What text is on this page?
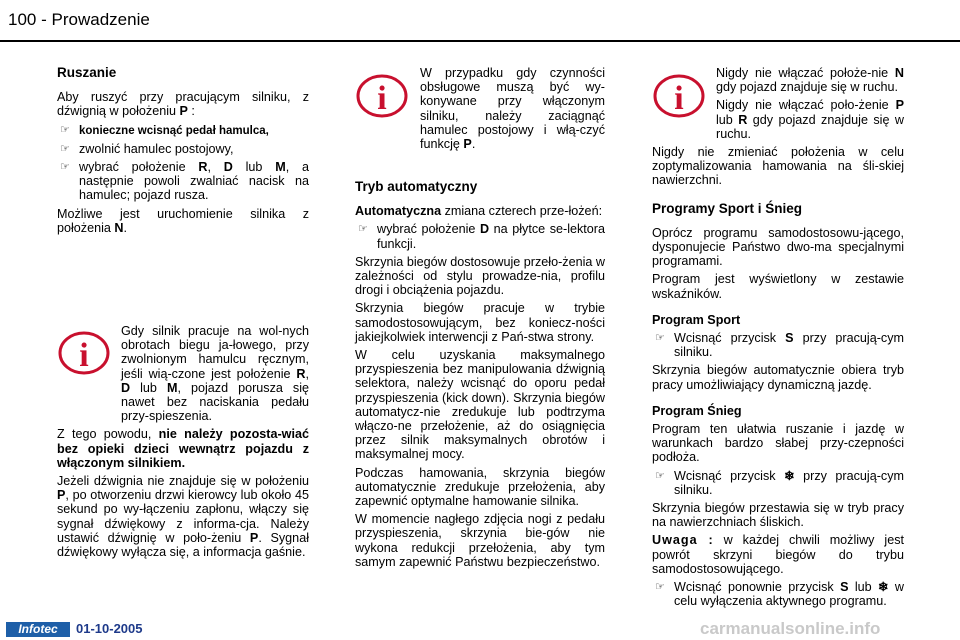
100 - Prowadzenie
Ruszanie

Aby ruszyć przy pracującym silniku, z dźwignią w położeniu P :

☞ konieczne wcisnąć pedał hamulca,
☞ zwolnić hamulec postojowy,
☞ wybrać położenie R, D lub M, a następnie powoli zwalniać nacisk na hamulec; pojazd rusza.

Możliwe jest uruchomienie silnika z położenia N.

i

Gdy silnik pracuje na wol-nych obrotach biegu ja-łowego, przy zwolnionym hamulcu ręcznym, jeśli wią-czone jest położenie R, D lub M, pojazd porusza się nawet bez naciskania pedału przy-spieszenia.

Z tego powodu, nie należy pozosta-wiać bez opieki dzieci wewnątrz pojazdu z włączonym silnikiem.

Jeżeli dźwignia nie znajduje się w położeniu P, po otworzeniu drzwi kierowcy lub około 45 sekund po wy-łączeniu zapłonu, włączy się sygnał dźwiękowy z informa-cja. Należy ustawić dźwignię w poło-żeniu P. Sygnał dźwiękowy wyłącza się, a informacja gaśnie.

i

W przypadku gdy czynności obsługowe muszą być wy-konywane przy włączonym silniku, należy zaciągnąć hamulec postojowy i włą-czyć funkcję P.

Tryb automatyczny

Automatyczna zmiana czterech prze-łożeń:

☞ wybrać położenie D na płytce se-lektora funkcji.

Skrzynia biegów dostosowuje przeło-żenia w zależności od stylu prowadze-nia, profilu drogi i obciążenia pojazdu.

Skrzynia biegów pracuje w trybie samodostosowującym, bez koniecz-ności jakiejkolwiek interwencji z Pań-stwa strony.

W celu uzyskania maksymalnego przyspieszenia bez manipulowania dźwignią selektora, należy wcisnąć do oporu pedał przyspieszenia (kick down). Skrzynia biegów automatycz-nie zredukuje lub podtrzyma włączo-ne przełożenie, aż do osiągnięcia przez silnik maksymalnych obrotów i maksymalnej mocy.

Podczas hamowania, skrzynia biegów automatycznie zredukuje przełożenia, aby zapewnić optymalne hamowanie silnika.

W momencie nagłego zdjęcia nogi z pedału przyspieszenia, skrzynia bie-gów nie wykona redukcji przełożenia, aby tym samym zapewnić Państwu bezpieczeństwo.

i

Nigdy nie włączać położe-nie N gdy pojazd znajduje się w ruchu.

Nigdy nie włączać poło-żenie P lub R gdy pojazd znajduje się w ruchu.

Nigdy nie zmieniać położenia w celu zoptymalizowania hamowania na śli-skiej nawierzchni.

Programy Sport i Śnieg

Oprócz programu samodostosowu-jącego, dysponujecie Państwo dwo-ma specjalnymi programami.

Program jest wyświetlony w zestawie wskaźników.

Program Sport
☞ Wcisnąć przycisk S przy pracują-cym silniku.

Skrzynia biegów automatycznie obiera tryb pracy umożliwiający dynamiczną jazdę.

Program Śnieg

Program ten ułatwia ruszanie i jazdę w warunkach bardzo słabej przy-czepności podłoża.

☞ Wcisnąć przycisk ❄ przy pracują-cym silniku.

Skrzynia biegów przestawia się w tryb pracy na nawierzchniach śliskich.

Uwaga : w każdej chwili możliwy jest powrót skrzyni biegów do trybu samodostosowującego.

☞ Wcisnąć ponownie przycisk S lub ❄ w celu wyłączenia aktywnego programu.
Infotec	01-10-2005	carmanualsonline.info
